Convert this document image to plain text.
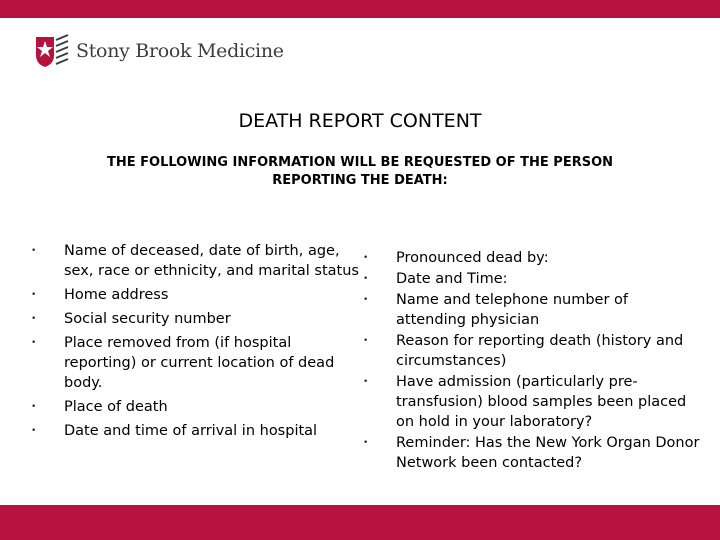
Stony Brook Medicine
DEATH REPORT CONTENT
THE FOLLOWING INFORMATION WILL BE REQUESTED OF THE PERSON
REPORTING THE DEATH:
• Name of deceased, date of birth, age, sex, race or ethnicity, and marital status
• Home address
• Social security number
• Place removed from (if hospital reporting) or current location of dead body.
• Place of death
• Date and time of arrival in hospital
• Pronounced dead by:
• Date and Time:
• Name and telephone number of attending physician
• Reason for reporting death (history and circumstances)
• Have admission (particularly pre-transfusion) blood samples been placed on hold in your laboratory?
• Reminder: Has the New York Organ Donor Network been contacted?
